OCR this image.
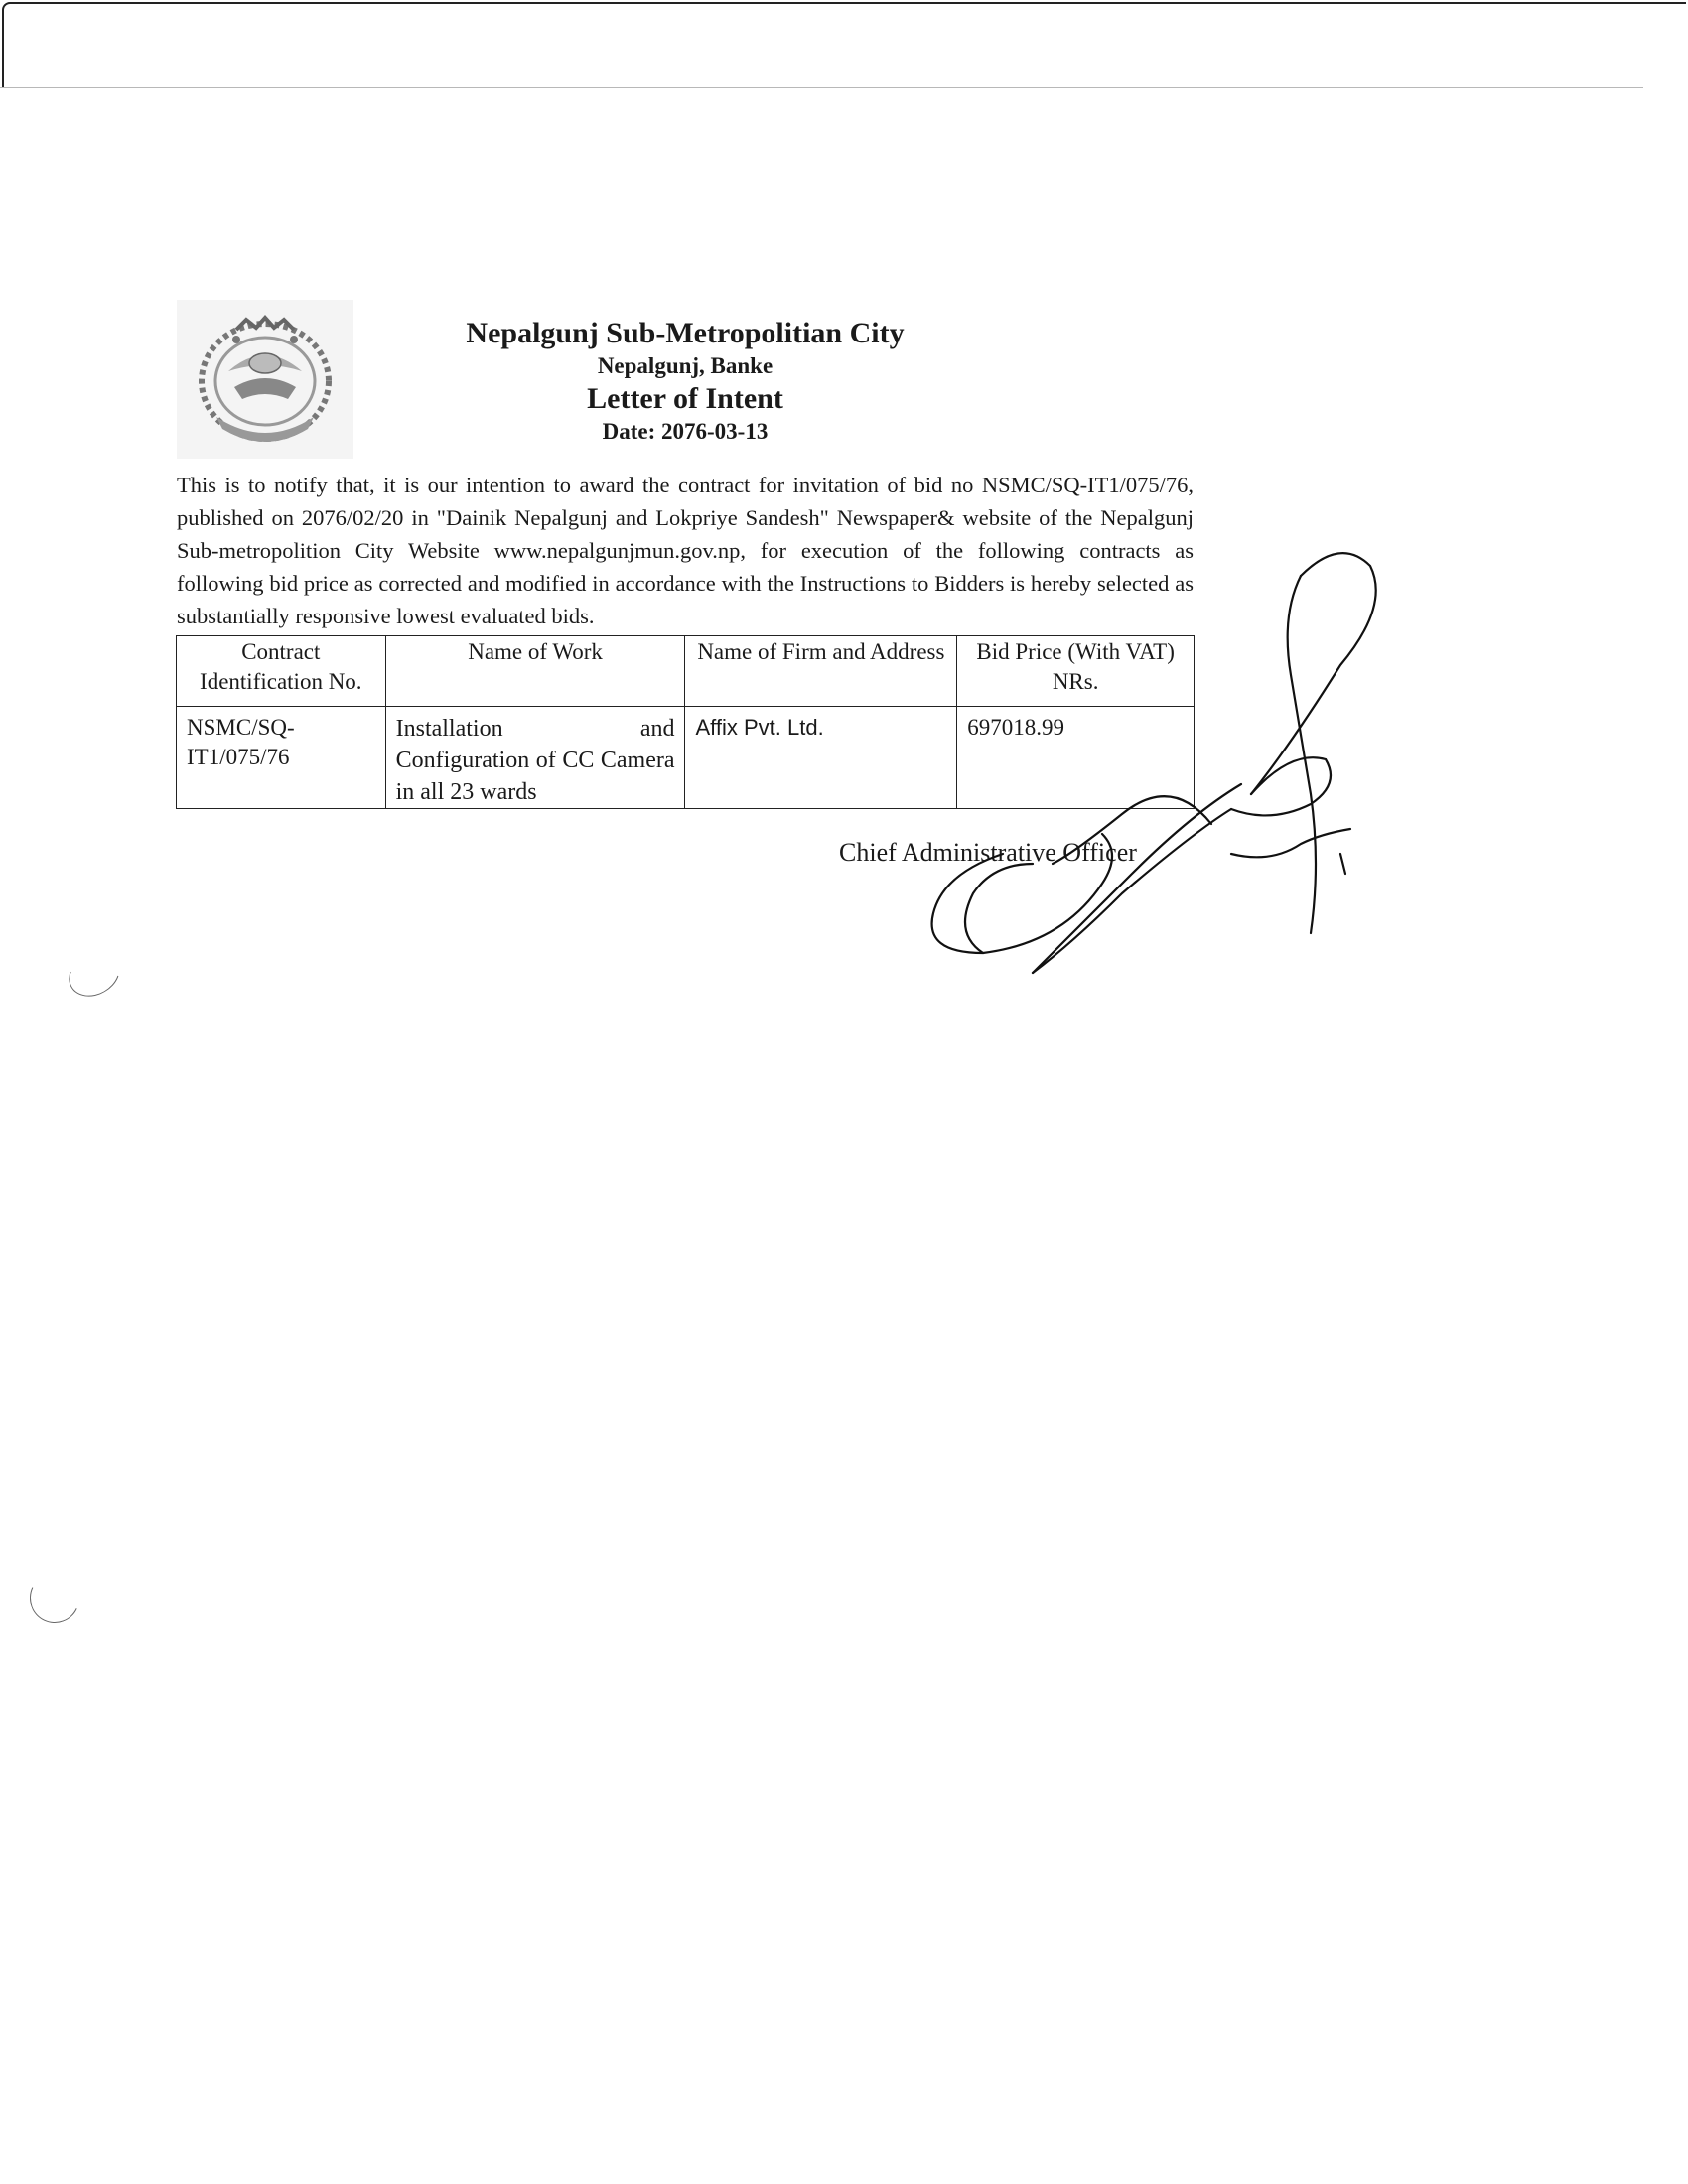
Nepalgunj Sub-Metropolitian City
Nepalgunj, Banke
Letter of Intent
Date: 2076-03-13
This is to notify that, it is our intention to award the contract for invitation of bid no NSMC/SQ-IT1/075/76, published on 2076/02/20 in "Dainik Nepalgunj and Lokpriye Sandesh" Newspaper& website of the Nepalgunj Sub-metropolition City Website www.nepalgunjmun.gov.np, for execution of the following contracts as following bid price as corrected and modified in accordance with the Instructions to Bidders is hereby selected as substantially responsive lowest evaluated bids.
Contract Identification No.	Name of Work	Name of Firm and Address	Bid Price (With VAT) NRs.
NSMC/SQ-IT1/075/76	Installation and Configuration of CC Camera in all 23 wards	Affix Pvt. Ltd.	697018.99
Chief Administrative Officer
